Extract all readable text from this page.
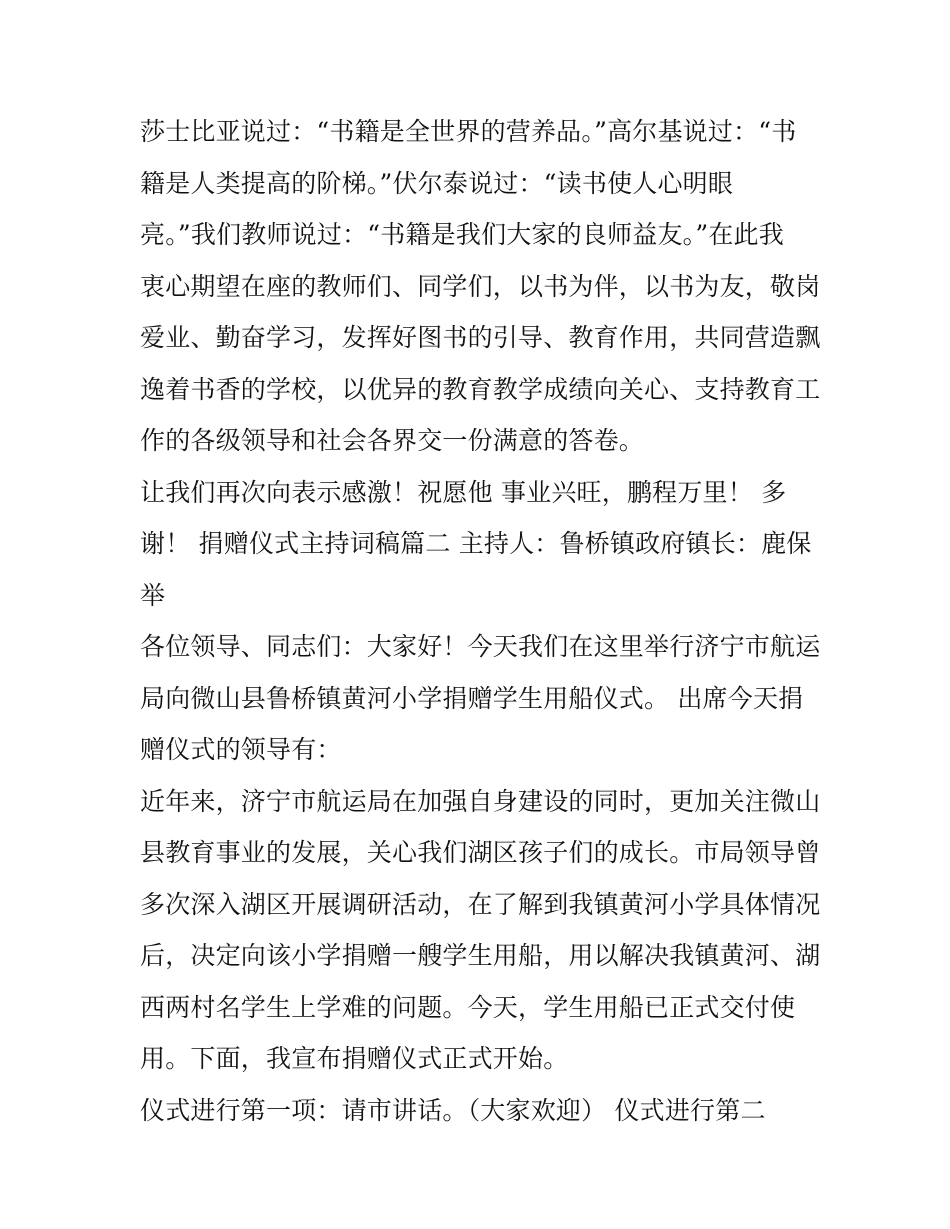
莎士比亚说过：“书籍是全世界的营养品。”高尔基说过：“书
籍是人类提高的阶梯。”伏尔泰说过：“读书使人心明眼
亮。”我们教师说过：“书籍是我们大家的良师益友。”在此我
衷心期望在座的教师们、同学们，以书为伴，以书为友，敬岗
爱业、勤奋学习，发挥好图书的引导、教育作用，共同营造飘
逸着书香的学校，以优异的教育教学成绩向关心、支持教育工
作的各级领导和社会各界交一份满意的答卷。
让我们再次向表示感激！祝愿他 事业兴旺，鹏程万里！ 多
谢！ 捐赠仪式主持词稿篇二 主持人：鲁桥镇政府镇长：鹿保
举
各位领导、同志们：大家好！今天我们在这里举行济宁市航运
局向微山县鲁桥镇黄河小学捐赠学生用船仪式。 出席今天捐
赠仪式的领导有：
近年来，济宁市航运局在加强自身建设的同时，更加关注微山
县教育事业的发展，关心我们湖区孩子们的成长。市局领导曾
多次深入湖区开展调研活动，在了解到我镇黄河小学具体情况
后，决定向该小学捐赠一艘学生用船，用以解决我镇黄河、湖
西两村名学生上学难的问题。今天，学生用船已正式交付使
用。下面，我宣布捐赠仪式正式开始。
仪式进行第一项：请市讲话。（大家欢迎） 仪式进行第二
